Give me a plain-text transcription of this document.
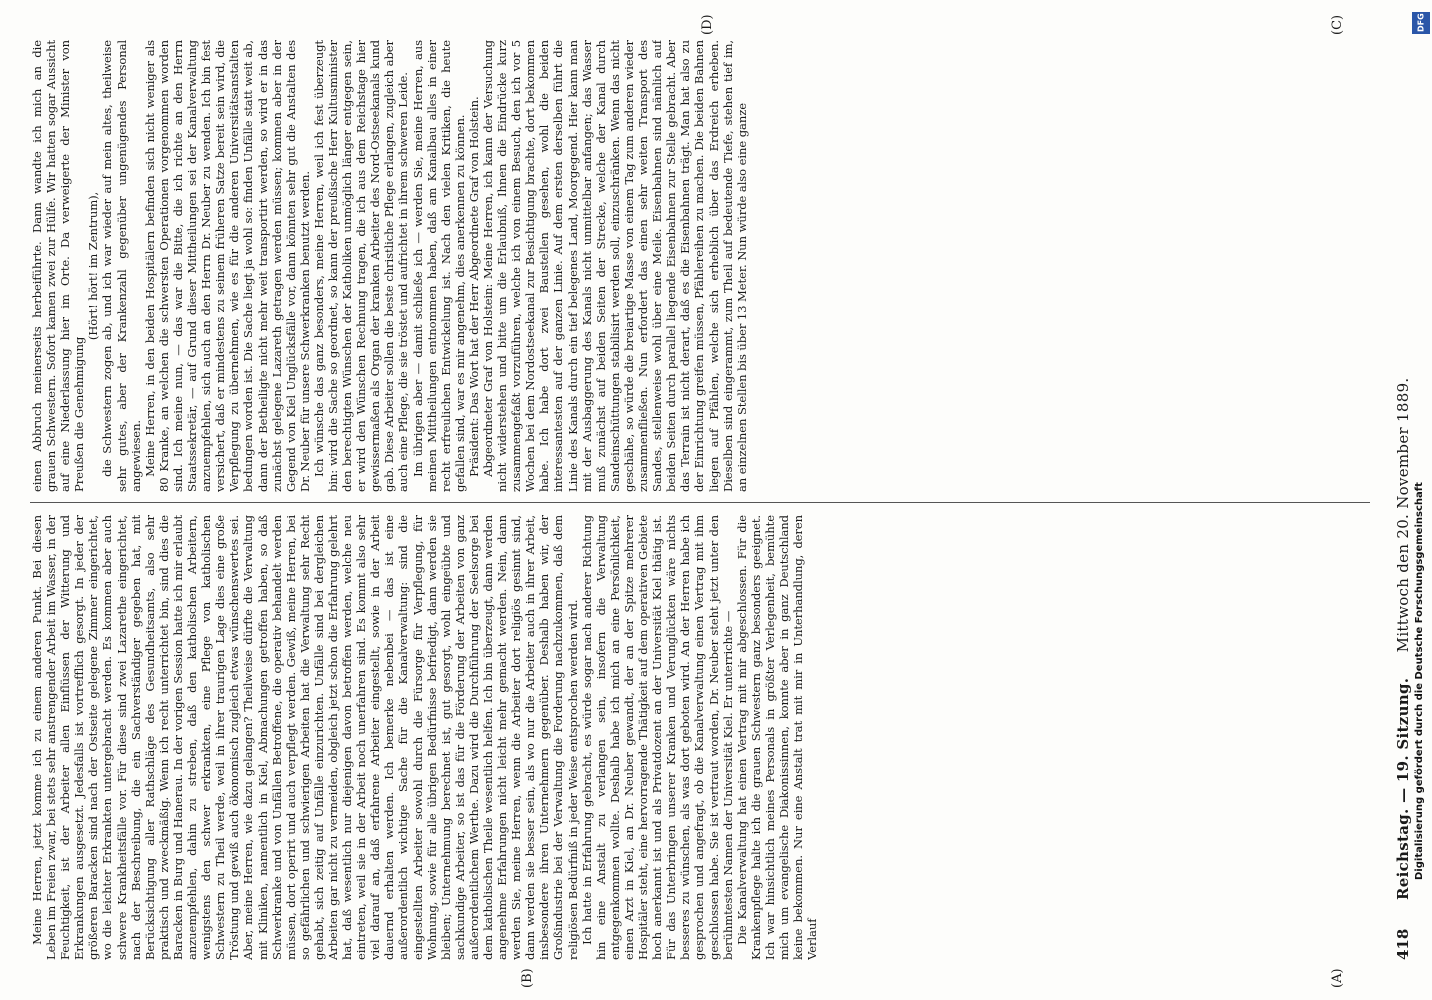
DFG
Digitalisierung gefördert durch die Deutsche Forschungsgemeinschaft
418
Reichstag. — 19. Sitzung.     Mittwoch den 20. November 1889.
(A)
(B)
(C)
(D)

Meine Herren, jetzt komme ich zu einem anderen Punkt. Bei diesen Leben im Freien zwar, bei stets sehr anstrengender Arbeit im Wasser, in der Feuchtigkeit, ist der Arbeiter allen Einflüssen der Witterung und Erkrankungen ausgesetzt. Jedesfalls ist vortrefflich gesorgt. In jeder der größeren Baracken sind nach der Ostseite gelegene Zimmer eingerichtet, wo die leichter Erkrankten untergebracht werden. Es kommen aber auch schwere Krankheitsfälle vor. Für diese sind zwei Lazarethe eingerichtet, nach der Beschreibung, die ein Sachverständiger gegeben hat, mit Berücksichtigung aller Rathschläge des Gesundheitsamts, also sehr praktisch und zweckmäßig. Wenn ich recht unterrichtet bin, sind dies die Baracken in Burg und Hanerau. In der vorigen Session hatte ich mir erlaubt anzuempfehlen, dahin zu streben, daß den katholischen Arbeitern, wenigstens den schwer erkrankten, eine Pflege von katholischen Schwestern zu Theil werde, weil in ihrer traurigen Lage dies eine große Tröstung und gewiß auch ökonomisch zugleich etwas wünschenswertes sei. Aber, meine Herren, wie dazu gelangen? Theilweise dürfte die Verwaltung mit Kliniken, namentlich in Kiel, Abmachungen getroffen haben, so daß Schwerkranke und von Unfällen Betroffene, die operativ behandelt werden müssen, dort operirt und auch verpflegt werden. Gewiß, meine Herren, bei so gefährlichen und schwierigen Arbeiten hat die Verwaltung sehr Recht gehabt, sich zeitig auf Unfälle einzurichten. Unfälle sind bei dergleichen Arbeiten gar nicht zu vermeiden, obgleich jetzt schon die Erfahrung gelehrt hat, daß wesentlich nur diejenigen davon betroffen werden, welche neu eintreten, weil sie in der Arbeit noch unerfahren sind. Es kommt also sehr viel darauf an, daß erfahrene Arbeiter eingestellt, sowie in der Arbeit dauernd erhalten werden. Ich bemerke nebenbei — das ist eine außerordentlich wichtige Sache für die Kanalverwaltung: sind die eingestellten Arbeiter sowohl durch die Fürsorge für Verpflegung, für Wohnung, sowie für alle übrigen Bedürfnisse befriedigt, dann werden sie bleiben; Unternehmung berechnet ist, gut gesorgt, wohl eingeübte und sachkundige Arbeiter, so ist das für die Förderung der Arbeiten von ganz außerordentlichem Werthe. Dazu wird die Durchführung der Seelsorge bei dem katholischen Theile wesentlich helfen. Ich bin überzeugt, dann werden angenehme Erfahrungen nicht leicht mehr gemacht werden. Nein, dann werden Sie, meine Herren, wenn die Arbeiter dort religiös gesinnt sind, dann werden sie besser sein, als wo nur die Arbeiter auch in ihrer Arbeit, insbesondere ihren Unternehmern gegenüber. Deshalb haben wir, der Großindustrie bei der Verwaltung die Forderung nachzukommen, daß dem religiösen Bedürfniß in jeder Weise entsprochen werden wird. Ich hatte in Erfahrung gebracht, es würde sogar nach anderer Richtung hin eine Anstalt zu verlangen sein, insofern die Verwaltung entgegenkommen wollte. Deshalb habe ich mich an eine Persönlichkeit, einen Arzt in Kiel, an Dr. Neuber gewandt, der an der Spitze mehrerer Hospitäler steht, eine hervorragende Thätigkeit auf dem operativen Gebiete hoch anerkannt ist und als Privatdozent an der Universität Kiel thätig ist. Für das Unterbringen unserer Kranken und Verunglückten wäre nichts besseres zu wünschen, als was dort geboten wird. An der Herren habe ich gesprochen und angefragt, ob die Kanalverwaltung einen Vertrag mit ihm geschlossen habe. Sie ist vertraut worden, Dr. Neuber steht jetzt unter den berühmtesten Namen der Universität Kiel. Er unterrichte — Die Kanalverwaltung hat einen Vertrag mit mir abgeschlossen. Für die Krankenpflege halte ich die grauen Schwestern ganz besonders geeignet. Ich war hinsichtlich meines Personals in größter Verlegenheit, bemühte mich um evangelische Diakonissinnen, konnte aber in ganz Deutschland keine bekommen. Nur eine Anstalt trat mit mir in Unterhandlung, deren Verlauf

einen Abbruch meinerseits herbeiführte. Dann wandte ich mich an die grauen Schwestern. Sofort kamen zwei zur Hülfe. Wir hatten sogar Aussicht auf eine Niederlassung hier im Orte. Da verweigerte der Minister von Preußen die Genehmigung

(Hört! hört! im Zentrum), die Schwestern zogen ab, und ich war wieder auf mein altes, theilweise sehr gutes, aber der Krankenzahl gegenüber ungenügendes Personal angewiesen. Meine Herren, in den beiden Hospitälern befinden sich nicht weniger als 80 Kranke, an welchen die schwersten Operationen vorgenommen worden sind. Ich meine nun, — das war die Bitte, die ich richte an den Herrn Staatssekretär, — auf Grund dieser Mittheilungen sei der Kanalverwaltung anzuempfehlen, sich auch an den Herrn Dr. Neuber zu wenden. Ich bin fest versichert, daß er mindestens zu seinem früheren Satze bereit sein wird, die Verpflegung zu übernehmen, wie es für die anderen Universitätsanstalten bedungen worden ist. Die Sache liegt ja wohl so: finden Unfälle statt weit ab, dann der Betheiligte nicht mehr weit transportirt werden, so wird er in das zunächst gelegene Lazareth getragen werden müssen; kommen aber in der Gegend von Kiel Unglücksfälle vor, dann könnten sehr gut die Anstalten des Dr. Neuber für unsere Schwerkranken benutzt werden. Ich wünsche das ganz besonders, meine Herren, weil ich fest überzeugt bin: wird die Sache so geordnet, so kann der preußische Herr Kultusminister den berechtigten Wünschen der Katholiken unmöglich länger entgegen sein, er wird den Wünschen Rechnung tragen, die ich aus dem Reichstage hier gewissermaßen als Organ der kranken Arbeiter des Nord-Ostseekanals kund gab. Diese Arbeiter sollen die beste christliche Pflege erlangen, zugleich aber auch eine Pflege, die sie tröstet und aufrichtet in ihrem schweren Leide. Im übrigen aber — damit schließe ich — werden Sie, meine Herren, aus meinen Mittheilungen entnommen haben, daß am Kanalbau alles in einer recht erfreulichen Entwickelung ist. Nach den vielen Kritiken, die heute gefallen sind, war es mir angenehm, dies anerkennen zu können. Präsident: Das Wort hat der Herr Abgeordnete Graf von Holstein. Abgeordneter Graf von Holstein: Meine Herren, ich kann der Versuchung nicht widerstehen und bitte um die Erlaubniß, Ihnen die Eindrücke kurz zusammengefaßt vorzuführen, welche ich von einem Besuch, den ich vor 5 Wochen bei dem Nordostseekanal zur Besichtigung brachte, dort bekommen habe. Ich habe dort zwei Baustellen gesehen, wohl die beiden interessantesten auf der ganzen Linie. Auf dem ersten derselben führt die Linie des Kanals durch ein tief belegenes Land, Moorgegend. Hier kann man mit der Ausbaggerung des Kanals nicht unmittelbar anfangen; das Wasser muß zunächst auf beiden Seiten der Strecke, welche der Kanal durch Sandeinschüttungen stabilisirt werden soll, einzuschränken. Wenn das nicht geschähe, so würde die breiartige Masse von einem Tag zum anderen wieder zusammenfließen. Nun erfordert das einen sehr weiten Transport des Sandes, stellenweise wohl über eine Meile. Eisenbahnen sind nämlich auf beiden Seiten durch parallel liegende Eisenbahnen zur Stelle gebracht. Aber das Terrain ist nicht derart, daß es die Eisenbahnen trägt. Man hat also zu der Einrichtung greifen müssen, Pfählereihen zu machen. Die beiden Bahnen liegen auf Pfählen, welche sich erheblich über das Erdreich erheben. Dieselben sind eingerammt, zum Theil auf bedeutende Tiefe, stehen tief im, an einzelnen Stellen bis über 13 Meter. Nun würde also eine ganze
